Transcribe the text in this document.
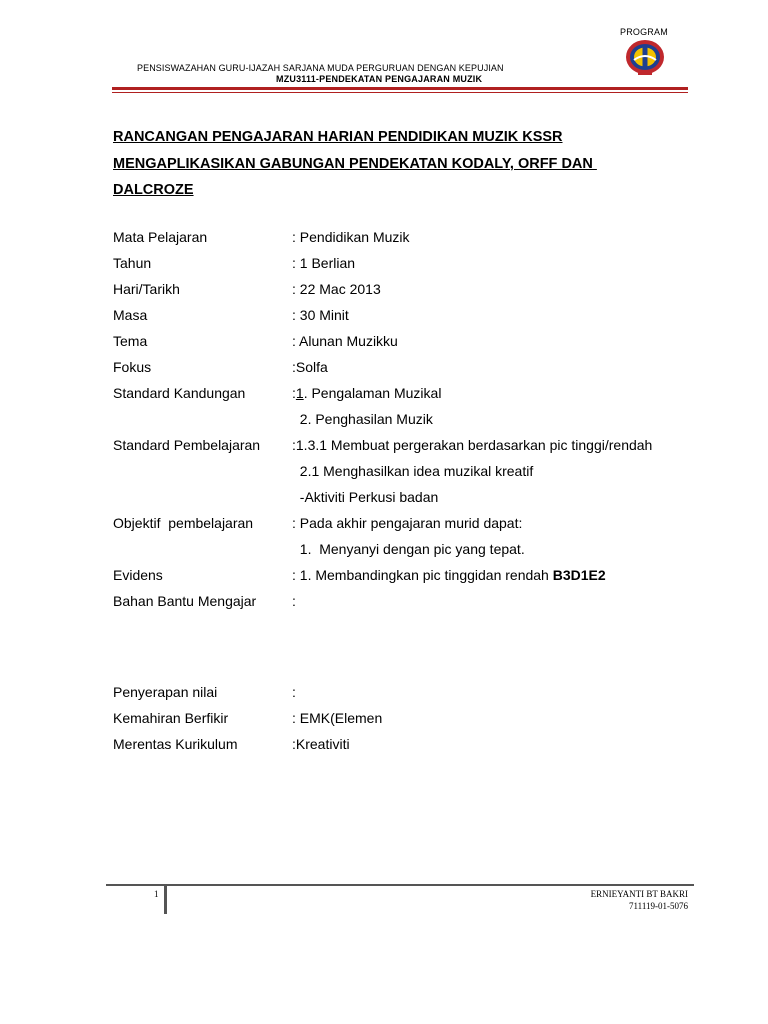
PROGRAM
PENSISWAZAHAN GURU-IJAZAH SARJANA MUDA PERGURUAN DENGAN KEPUJIAN
MZU3111-PENDEKATAN PENGAJARAN MUZIK
RANCANGAN PENGAJARAN HARIAN PENDIDIKAN MUZIK KSSR
MENGAPLIKASIKAN GABUNGAN PENDEKATAN KODALY, ORFF DAN
DALCROZE
Mata Pelajaran	: Pendidikan Muzik
Tahun	: 1 Berlian
Hari/Tarikh	: 22 Mac 2013
Masa	: 30 Minit
Tema	: Alunan Muzikku
Fokus	:Solfa
Standard Kandungan	:1. Pengalaman Muzikal
2. Penghasilan Muzik
Standard Pembelajaran :1.3.1 Membuat pergerakan berdasarkan pic tinggi/rendah
2.1 Menghasilkan idea muzikal kreatif
-Aktiviti Perkusi badan
Objektif  pembelajaran	: Pada akhir pengajaran murid dapat:
1.  Menyanyi dengan pic yang tepat.
Evidens	: 1. Membandingkan pic tinggidan rendah B3D1E2
Bahan Bantu Mengajar	:
Penyerapan nilai	:
Kemahiran Berfikir	: EMK(Elemen
Merentas Kurikulum	:Kreativiti
1	ERNIEYANTI BT BAKRI
711119-01-5076
